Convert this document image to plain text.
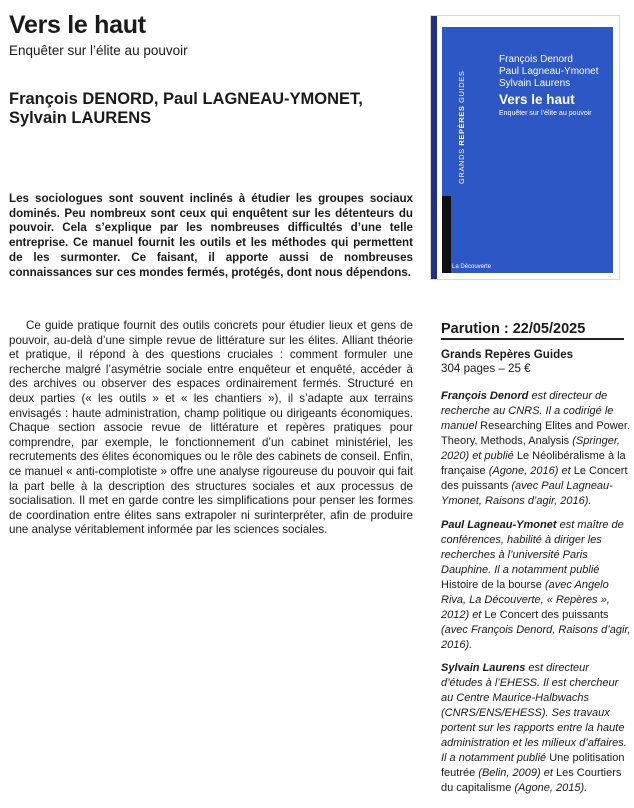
Vers le haut
Enquêter sur l’élite au pouvoir
François DENORD, Paul LAGNEAU-YMONET,
Sylvain LAURENS
Les sociologues sont souvent inclinés à étudier les groupes sociaux dominés. Peu nombreux sont ceux qui enquêtent sur les détenteurs du pouvoir. Cela s’explique par les nombreuses difficultés d’une telle entreprise. Ce manuel fournit les outils et les méthodes qui permettent de les surmonter. Ce faisant, il apporte aussi de nombreuses connaissances sur ces mondes fermés, protégés, dont nous dépendons.

Ce guide pratique fournit des outils concrets pour étudier lieux et gens de pouvoir, au-delà d’une simple revue de littérature sur les élites. Alliant théorie et pratique, il répond à des questions cruciales : comment formuler une recherche malgré l’asymétrie sociale entre enquêteur et enquêté, accéder à des archives ou observer des espaces ordinairement fermés. Structuré en deux parties (« les outils » et « les chantiers »), il s’adapte aux terrains envisagés : haute administration, champ politique ou dirigeants économiques. Chaque section associe revue de littérature et repères pratiques pour comprendre, par exemple, le fonctionnement d’un cabinet ministériel, les recrutements des élites économiques ou le rôle des cabinets de conseil. Enfin, ce manuel « anti-complotiste » offre une analyse rigoureuse du pouvoir qui fait la part belle à la description des structures sociales et aux processus de socialisation. Il met en garde contre les simplifications pour penser les formes de coordination entre élites sans extrapoler ni surinterpréter, afin de produire une analyse véritablement informée par les sciences sociales.

François Denord
Paul Lagneau-Ymonet
Sylvain Laurens
Vers le haut
Enquêter sur l’élite au pouvoir
GRANDS REPÈRES GUIDES
La Découverte
Parution : 22/05/2025
Grands Repères Guides
304 pages – 25 €
François Denord est directeur de recherche au CNRS. Il a codirigé le manuel Researching Elites and Power. Theory, Methods, Analysis (Springer, 2020) et publié Le Néolibéralisme à la française (Agone, 2016) et Le Concert des puissants (avec Paul Lagneau-Ymonet, Raisons d’agir, 2016).
Paul Lagneau-Ymonet est maître de conférences, habilité à diriger les recherches à l’université Paris Dauphine. Il a notamment publié Histoire de la bourse (avec Angelo Riva, La Découverte, « Repères », 2012) et Le Concert des puissants (avec François Denord, Raisons d’agir, 2016).
Sylvain Laurens est directeur d’études à l’EHESS. Il est chercheur au Centre Maurice-Halbwachs (CNRS/ENS/EHESS). Ses travaux portent sur les rapports entre la haute administration et les milieux d’affaires. Il a notamment publié Une politisation feutrée (Belin, 2009) et Les Courtiers du capitalisme (Agone, 2015).
